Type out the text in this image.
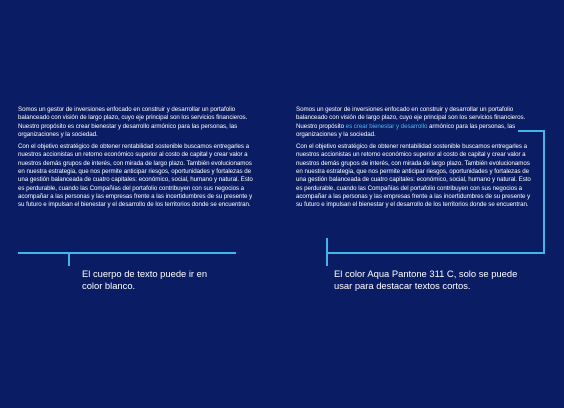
Somos un gestor de inversiones enfocado en construir y desarrollar un portafolio balanceado con visión de largo plazo, cuyo eje principal son los servicios financieros. Nuestro propósito es crear bienestar y desarrollo armónico para las personas, las organizaciones y la sociedad.

Con el objetivo estratégico de obtener rentabilidad sostenible buscamos entregarles a nuestros accionistas un retorno económico superior al costo de capital y crear valor a nuestros demás grupos de interés, con mirada de largo plazo. También evolucionamos en nuestra estrategia, que nos permite anticipar riesgos, oportunidades y fortalezas de una gestión balanceada de cuatro capitales: económico, social, humano y natural. Esto es perdurable, cuando las Compañías del portafolio contribuyen con sus negocios a acompañar a las personas y las empresas frente a las incertidumbres de su presente y su futuro e impulsan el bienestar y el desarrollo de los territorios donde se encuentran.

El cuerpo de texto puede ir en color blanco.

Somos un gestor de inversiones enfocado en construir y desarrollar un portafolio balanceado con visión de largo plazo, cuyo eje principal son los servicios financieros. Nuestro propósito es crear bienestar y desarrollo armónico para las personas, las organizaciones y la sociedad.

Con el objetivo estratégico de obtener rentabilidad sostenible buscamos entregarles a nuestros accionistas un retorno económico superior al costo de capital y crear valor a nuestros demás grupos de interés, con mirada de largo plazo. También evolucionamos en nuestra estrategia, que nos permite anticipar riesgos, oportunidades y fortalezas de una gestión balanceada de cuatro capitales: económico, social, humano y natural. Esto es perdurable, cuando las Compañías del portafolio contribuyen con sus negocios a acompañar a las personas y las empresas frente a las incertidumbres de su presente y su futuro e impulsan el bienestar y el desarrollo de los territorios donde se encuentran.

El color Aqua Pantone 311 C, solo se puede usar para destacar textos cortos.
